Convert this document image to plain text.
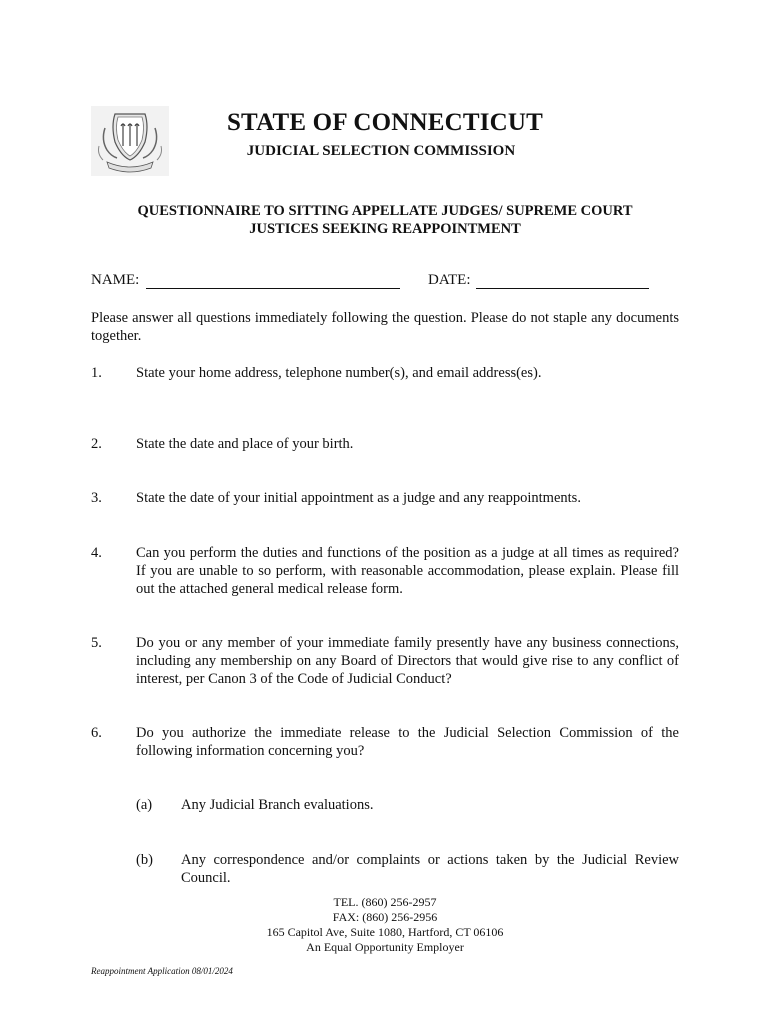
STATE OF CONNECTICUT
JUDICIAL SELECTION COMMISSION
QUESTIONNAIRE TO SITTING APPELLATE JUDGES/ SUPREME COURT
JUSTICES SEEKING REAPPOINTMENT
NAME:	DATE:
Please answer all questions immediately following the question. Please do not staple any documents together.
1. State your home address, telephone number(s), and email address(es).
2. State the date and place of your birth.
3. State the date of your initial appointment as a judge and any reappointments.
4. Can you perform the duties and functions of the position as a judge at all times as required? If you are unable to so perform, with reasonable accommodation, please explain. Please fill out the attached general medical release form.
5. Do you or any member of your immediate family presently have any business connections, including any membership on any Board of Directors that would give rise to any conflict of interest, per Canon 3 of the Code of Judicial Conduct?
6. Do you authorize the immediate release to the Judicial Selection Commission of the following information concerning you?
(a) Any Judicial Branch evaluations.
(b) Any correspondence and/or complaints or actions taken by the Judicial Review Council.
TEL. (860) 256-2957
FAX: (860) 256-2956
165 Capitol Ave, Suite 1080, Hartford, CT 06106
An Equal Opportunity Employer
Reappointment Application 08/01/2024
